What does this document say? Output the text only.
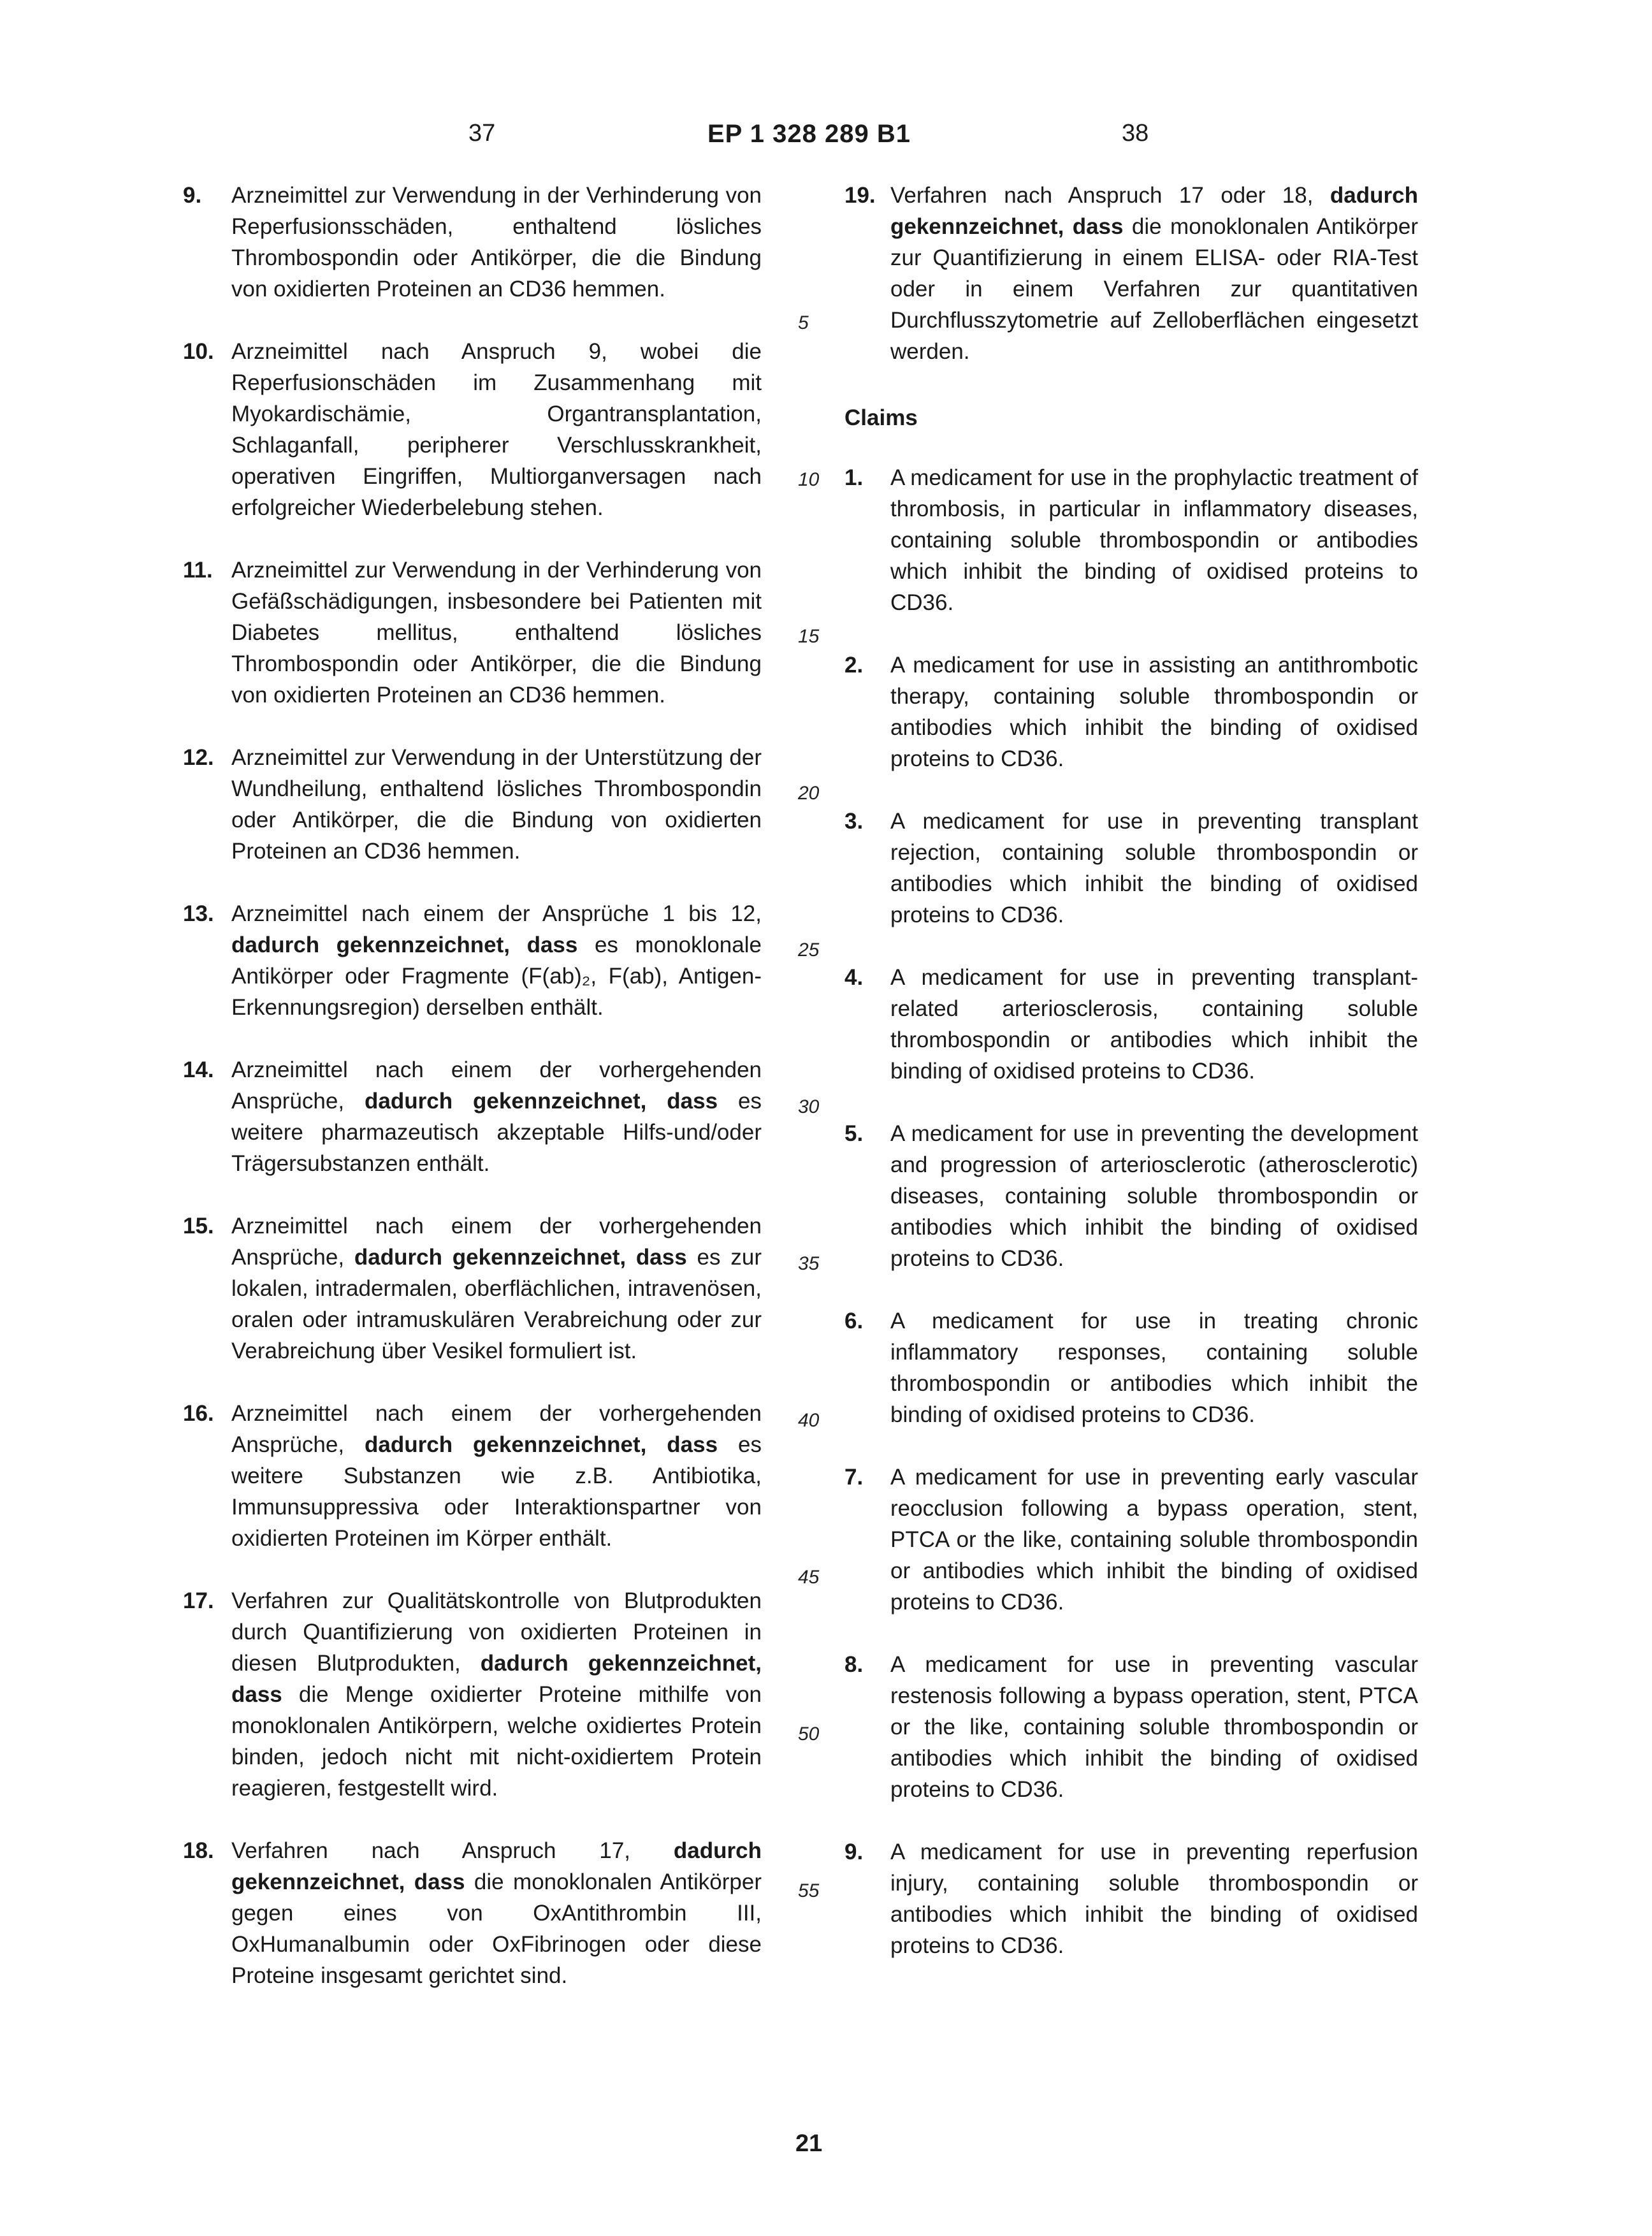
37	EP 1 328 289 B1	38
9.	Arzneimittel zur Verwendung in der Verhinderung von Reperfusionsschäden, enthaltend lösliches Thrombospondin oder Antikörper, die die Bindung von oxidierten Proteinen an CD36 hemmen.
10. Arzneimittel nach Anspruch 9, wobei die Reperfusionschäden im Zusammenhang mit Myokardischämie, Organtransplantation, Schlaganfall, peripherer Verschlusskrankheit, operativen Eingriffen, Multiorganversagen nach erfolgreicher Wiederbelebung stehen.
11. Arzneimittel zur Verwendung in der Verhinderung von Gefäßschädigungen, insbesondere bei Patienten mit Diabetes mellitus, enthaltend lösliches Thrombospondin oder Antikörper, die die Bindung von oxidierten Proteinen an CD36 hemmen.
12. Arzneimittel zur Verwendung in der Unterstützung der Wundheilung, enthaltend lösliches Thrombospondin oder Antikörper, die die Bindung von oxidierten Proteinen an CD36 hemmen.
13. Arzneimittel nach einem der Ansprüche 1 bis 12, dadurch gekennzeichnet, dass es monoklonale Antikörper oder Fragmente (F(ab)₂, F(ab), Antigen-Erkennungsregion) derselben enthält.
14. Arzneimittel nach einem der vorhergehenden Ansprüche, dadurch gekennzeichnet, dass es weitere pharmazeutisch akzeptable Hilfs-und/oder Trägersubstanzen enthält.
15. Arzneimittel nach einem der vorhergehenden Ansprüche, dadurch gekennzeichnet, dass es zur lokalen, intradermalen, oberflächlichen, intravenösen, oralen oder intramuskulären Verabreichung oder zur Verabreichung über Vesikel formuliert ist.
16. Arzneimittel nach einem der vorhergehenden Ansprüche, dadurch gekennzeichnet, dass es weitere Substanzen wie z.B. Antibiotika, Immunsuppressiva oder Interaktionspartner von oxidierten Proteinen im Körper enthält.
17. Verfahren zur Qualitätskontrolle von Blutprodukten durch Quantifizierung von oxidierten Proteinen in diesen Blutprodukten, dadurch gekennzeichnet, dass die Menge oxidierter Proteine mithilfe von monoklonalen Antikörpern, welche oxidiertes Protein binden, jedoch nicht mit nicht-oxidiertem Protein reagieren, festgestellt wird.
18. Verfahren nach Anspruch 17, dadurch gekennzeichnet, dass die monoklonalen Antikörper gegen eines von OxAntithrombin III, OxHumanalbumin oder OxFibrinogen oder diese Proteine insgesamt gerichtet sind.
19. Verfahren nach Anspruch 17 oder 18, dadurch gekennzeichnet, dass die monoklonalen Antikörper zur Quantifizierung in einem ELISA- oder RIA-Test oder in einem Verfahren zur quantitativen Durchflusszytometrie auf Zelloberflächen eingesetzt werden.
Claims
1.	A medicament for use in the prophylactic treatment of thrombosis, in particular in inflammatory diseases, containing soluble thrombospondin or antibodies which inhibit the binding of oxidised proteins to CD36.
2.	A medicament for use in assisting an antithrombotic therapy, containing soluble thrombospondin or antibodies which inhibit the binding of oxidised proteins to CD36.
3.	A medicament for use in preventing transplant rejection, containing soluble thrombospondin or antibodies which inhibit the binding of oxidised proteins to CD36.
4.	A medicament for use in preventing transplant-related arteriosclerosis, containing soluble thrombospondin or antibodies which inhibit the binding of oxidised proteins to CD36.
5.	A medicament for use in preventing the development and progression of arteriosclerotic (atherosclerotic) diseases, containing soluble thrombospondin or antibodies which inhibit the binding of oxidised proteins to CD36.
6.	A medicament for use in treating chronic inflammatory responses, containing soluble thrombospondin or antibodies which inhibit the binding of oxidised proteins to CD36.
7.	A medicament for use in preventing early vascular reocclusion following a bypass operation, stent, PTCA or the like, containing soluble thrombospondin or antibodies which inhibit the binding of oxidised proteins to CD36.
8.	A medicament for use in preventing vascular restenosis following a bypass operation, stent, PTCA or the like, containing soluble thrombospondin or antibodies which inhibit the binding of oxidised proteins to CD36.
9.	A medicament for use in preventing reperfusion injury, containing soluble thrombospondin or antibodies which inhibit the binding of oxidised proteins to CD36.
5
10
15
20
25
30
35
40
45
50
55
21
